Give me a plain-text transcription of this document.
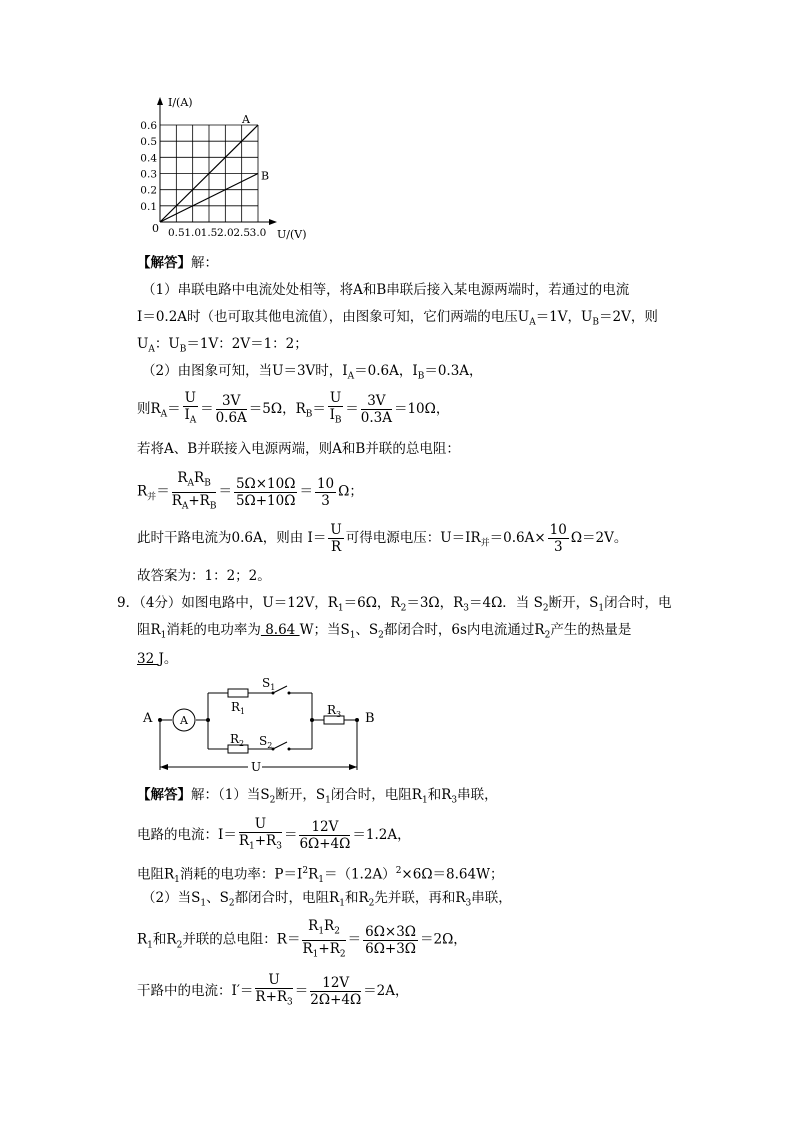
A
B
0.5 1.0 1.5 2.0 2.5 3.0
0.1
0.2
0.3
0.4
0.5
0.6
I/(A)
U/(V)
0
【解答】解：
（1）串联电路中电流处处相等，将A和B串联后接入某电源两端时，若通过的电流
I＝0.2A时（也可取其他电流值），由图象可知，它们两端的电压$U_A=1V$，$U_B=2V$，则
$U_A$：$U_B=1V$：2V＝1：2；
（2）由图象可知，当U＝3V时，$I_A=0.6A$，$I_B=0.3A$，
则$R_A= \frac{U}{I_A} = \frac{3V}{0.6A} =5\Omega$，$R_B= \frac{U}{I_B} = \frac{3V}{0.3A} =10\Omega$，
若将A、B并联接入电源两端，则A和B并联的总电阻：
$R_并= \frac{R_AR_B}{R_A+R_B} = \frac{5\Omega\times 10\Omega}{5\Omega+10\Omega} = \frac{10}{3}$ Ω；
此时干路电流为0.6A，则由 $I= \frac{U}{R}$ 可得电源电压：$U=IR_并=0.6A\times \frac{10}{3} \Omega=2V$。
故答案为：1：2；2。
9．（4分）如图电路中，U＝12V，$R_1=6\Omega$，$R_2=3\Omega$，$R_3=4\Omega$．当 $S_2$断开，$S_1$闭合时，电
阻$R_1$消耗的电功率为 8.64 W；当$S_1$、$S_2$都闭合时，6s内电流通过$R_2$产生的热量是
32 J。
A	B
A
U
$R_1$
$S_1$
$R_3$
$R_2$ $S_2$
【解答】解：（1）当$S_2$断开，$S_1$闭合时，电阻$R_1$和$R_3$串联，
电路的电流：$I= \frac{U}{R_1+R_3} = \frac{12V}{6\Omega+4\Omega} =1.2A$，
电阻$R_1$消耗的电功率：$P=I^2R_1=(1.2A)^2\times 6\Omega=8.64W$；
（2）当$S_1$、$S_2$都闭合时，电阻$R_1$和$R_2$先并联，再和$R_3$串联，
$R_1$和$R_2$并联的总电阻：$R= \frac{R_1R_2}{R_1+R_2} = \frac{6\Omega\times 3\Omega}{6\Omega+3\Omega} =2\Omega$，
干路中的电流：$I'= \frac{U}{R+R_3} = \frac{12V}{2\Omega+4\Omega} =2A$，
